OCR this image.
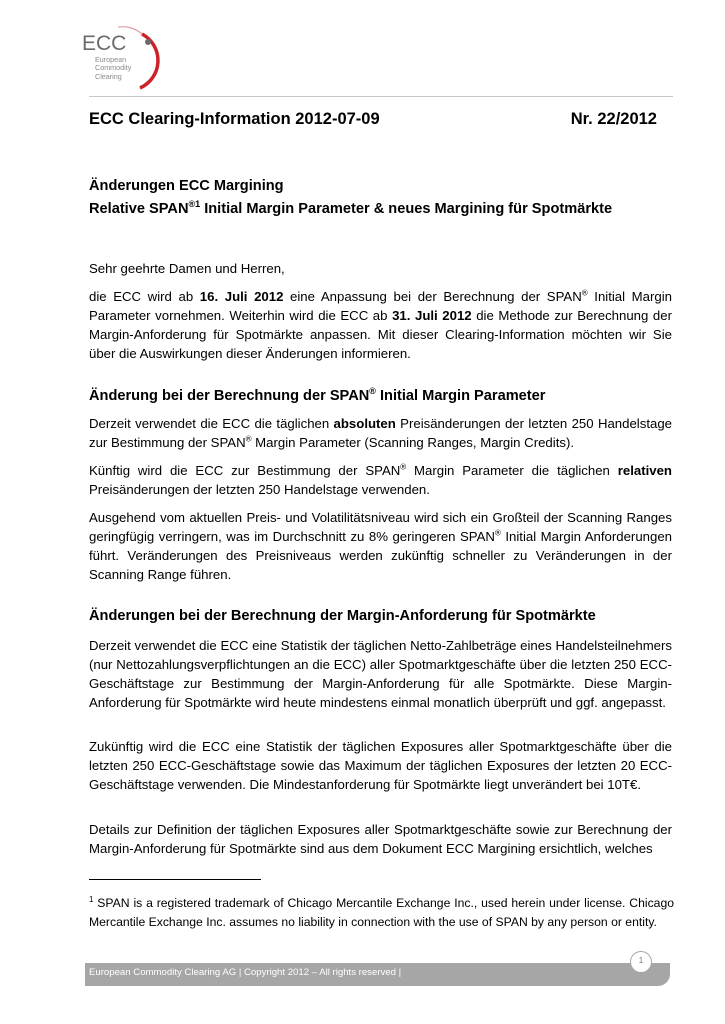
ECC
European
Commodity
Clearing
ECC Clearing-Information 2012-07-09	Nr. 22/2012
Änderungen ECC Margining
Relative $SPAN^{®1}$ Initial Margin Parameter & neues Margining für Spotmärkte
Sehr geehrte Damen und Herren,
die ECC wird ab 16. Juli 2012 eine Anpassung bei der Berechnung der SPAN® Initial Margin Parameter vornehmen. Weiterhin wird die ECC ab 31. Juli 2012 die Methode zur Berechnung der Margin-Anforderung für Spotmärkte anpassen. Mit dieser Clearing-Information möchten wir Sie über die Auswirkungen dieser Änderungen informieren.
Änderung bei der Berechnung der SPAN® Initial Margin Parameter
Derzeit verwendet die ECC die täglichen absoluten Preisänderungen der letzten 250 Handelstage zur Bestimmung der SPAN® Margin Parameter (Scanning Ranges, Margin Credits).
Künftig wird die ECC zur Bestimmung der SPAN® Margin Parameter die täglichen relativen Preisänderungen der letzten 250 Handelstage verwenden.
Ausgehend vom aktuellen Preis- und Volatilitätsniveau wird sich ein Großteil der Scanning Ranges geringfügig verringern, was im Durchschnitt zu 8% geringeren SPAN® Initial Margin Anforderungen führt. Veränderungen des Preisniveaus werden zukünftig schneller zu Veränderungen in der Scanning Range führen.
Änderungen bei der Berechnung der Margin-Anforderung für Spotmärkte
Derzeit verwendet die ECC eine Statistik der täglichen Netto-Zahlbeträge eines Handelsteilnehmers (nur Nettozahlungsverpflichtungen an die ECC) aller Spotmarktgeschäfte über die letzten 250 ECC-Geschäftstage zur Bestimmung der Margin-Anforderung für alle Spotmärkte. Diese Margin-Anforderung für Spotmärkte wird heute mindestens einmal monatlich überprüft und ggf. angepasst.
Zukünftig wird die ECC eine Statistik der täglichen Exposures aller Spotmarktgeschäfte über die letzten 250 ECC-Geschäftstage sowie das Maximum der täglichen Exposures der letzten 20 ECC-Geschäftstage verwenden. Die Mindestanforderung für Spotmärkte liegt unverändert bei 10T€.
Details zur Definition der täglichen Exposures aller Spotmarktgeschäfte sowie zur Berechnung der Margin-Anforderung für Spotmärkte sind aus dem Dokument ECC Margining ersichtlich, welches
$^1$ SPAN is a registered trademark of Chicago Mercantile Exchange Inc., used herein under license. Chicago Mercantile Exchange Inc. assumes no liability in connection with the use of SPAN by any person or entity.
European Commodity Clearing AG | Copyright 2012 – All rights reserved |
1
